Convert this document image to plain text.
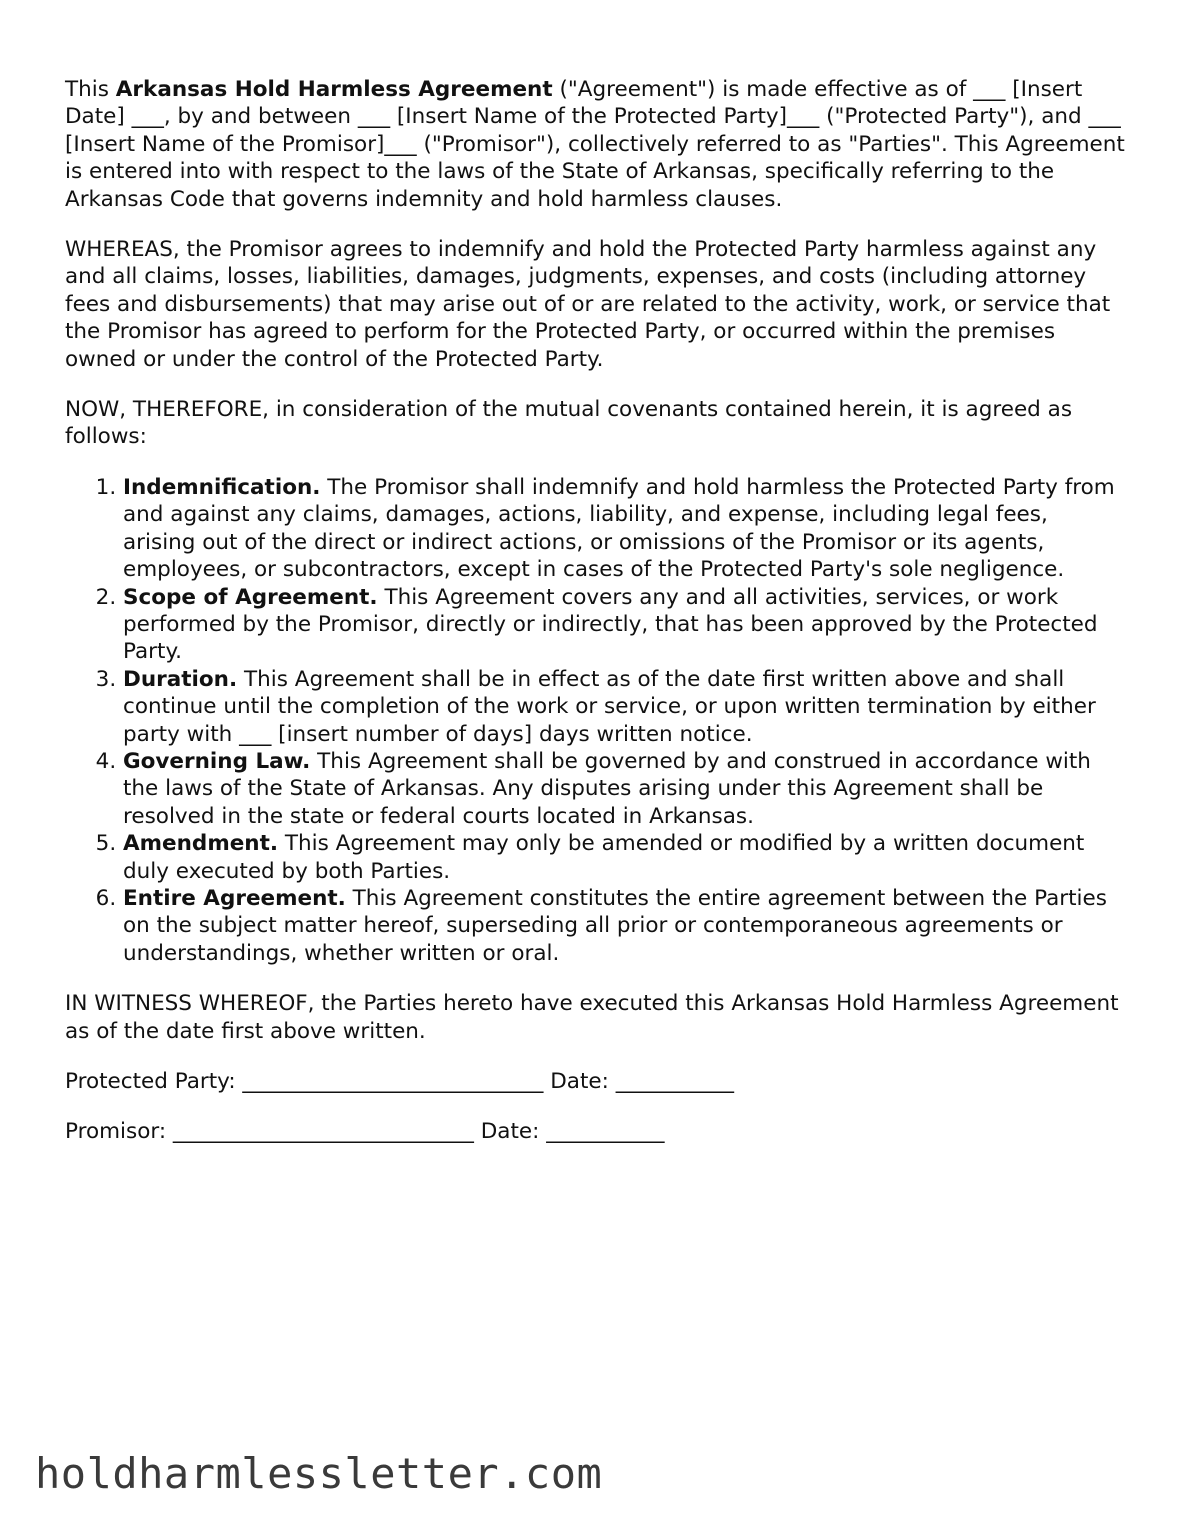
This Arkansas Hold Harmless Agreement ("Agreement") is made effective as of ___ [Insert Date] ___, by and between ___ [Insert Name of the Protected Party]___ ("Protected Party"), and ___ [Insert Name of the Promisor]___ ("Promisor"), collectively referred to as "Parties". This Agreement is entered into with respect to the laws of the State of Arkansas, specifically referring to the Arkansas Code that governs indemnity and hold harmless clauses.

WHEREAS, the Promisor agrees to indemnify and hold the Protected Party harmless against any and all claims, losses, liabilities, damages, judgments, expenses, and costs (including attorney fees and disbursements) that may arise out of or are related to the activity, work, or service that the Promisor has agreed to perform for the Protected Party, or occurred within the premises owned or under the control of the Protected Party.

NOW, THEREFORE, in consideration of the mutual covenants contained herein, it is agreed as follows:

1. Indemnification. The Promisor shall indemnify and hold harmless the Protected Party from and against any claims, damages, actions, liability, and expense, including legal fees, arising out of the direct or indirect actions, or omissions of the Promisor or its agents, employees, or subcontractors, except in cases of the Protected Party's sole negligence.
2. Scope of Agreement. This Agreement covers any and all activities, services, or work performed by the Promisor, directly or indirectly, that has been approved by the Protected Party.
3. Duration. This Agreement shall be in effect as of the date first written above and shall continue until the completion of the work or service, or upon written termination by either party with ___ [insert number of days] days written notice.
4. Governing Law. This Agreement shall be governed by and construed in accordance with the laws of the State of Arkansas. Any disputes arising under this Agreement shall be resolved in the state or federal courts located in Arkansas.
5. Amendment. This Agreement may only be amended or modified by a written document duly executed by both Parties.
6. Entire Agreement. This Agreement constitutes the entire agreement between the Parties on the subject matter hereof, superseding all prior or contemporaneous agreements or understandings, whether written or oral.

IN WITNESS WHEREOF, the Parties hereto have executed this Arkansas Hold Harmless Agreement as of the date first above written.

Protected Party: ____________________________ Date: ___________
Promisor: ____________________________ Date: ___________
holdharmlessletter.com
